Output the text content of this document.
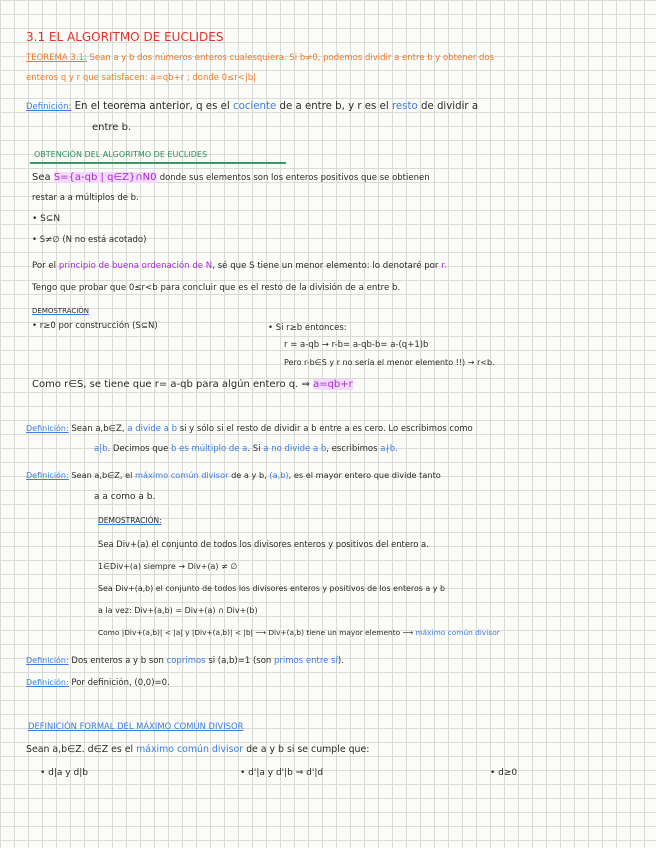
3.1 EL ALGORITMO DE EUCLIDES
TEOREMA 3.1: Sean a y b dos números enteros cualesquiera. Si b≠0, podemos dividir a entre b y obtener dos
enteros q y r que satisfacen: a=qb+r ; donde 0≤r<|b|
Definición: En el teorema anterior, q es el cociente de a entre b, y r es el resto de dividir a
entre b.
OBTENCIÓN DEL ALGORITMO DE EUCLIDES
Sea S={a-qb | q∈Z}∩N0 donde sus elementos son los enteros positivos que se obtienen
restar a a múltiplos de b.
• S⊆N
• S≠∅ (N no está acotado)
Por el principio de buena ordenación de N, sé que S tiene un menor elemento: lo denotaré por r.
Tengo que probar que 0≤r<b para concluir que es el resto de la división de a entre b.
DEMOSTRACIÓN
• r≥0 por construcción (S⊆N)	• Si r≥b entonces:
r = a-qb → r-b= a-qb-b= a-(q+1)b
Pero r-b∈S y r no sería el menor elemento !!) → r<b.
Como r∈S, se tiene que r= a-qb para algún entero q. ⇒ a=qb+r
Definición: Sean a,b∈Z, a divide a b si y sólo si el resto de dividir a b entre a es cero. Lo escribimos como
a|b. Decimos que b es múltiplo de a. Si a no divide a b, escribimos a∤b.
Definición: Sean a,b∈Z, el máximo común divisor de a y b, (a,b), es el mayor entero que divide tanto
a a como a b.
DEMOSTRACIÓN:
Sea Div+(a) el conjunto de todos los divisores enteros y positivos del entero a.
1∈Div+(a) siempre → Div+(a) ≠ ∅
Sea Div+(a,b) el conjunto de todos los divisores enteros y positivos de los enteros a y b
a la vez: Div+(a,b) = Div+(a) ∩ Div+(b)
Como |Div+(a,b)| < |a| y |Div+(a,b)| < |b| ⟶ Div+(a,b) tiene un mayor elemento ⟶ máximo común divisor
Definición: Dos enteros a y b son coprimos si (a,b)=1 (son primos entre sí).
Definición: Por definición, (0,0)=0.
DEFINICIÓN FORMAL DEL MÁXIMO COMÚN DIVISOR
Sean a,b∈Z. d∈Z es el máximo común divisor de a y b si se cumple que:
• d|a y d|b	• d'|a y d'|b ⇒ d'|d	• d≥0
